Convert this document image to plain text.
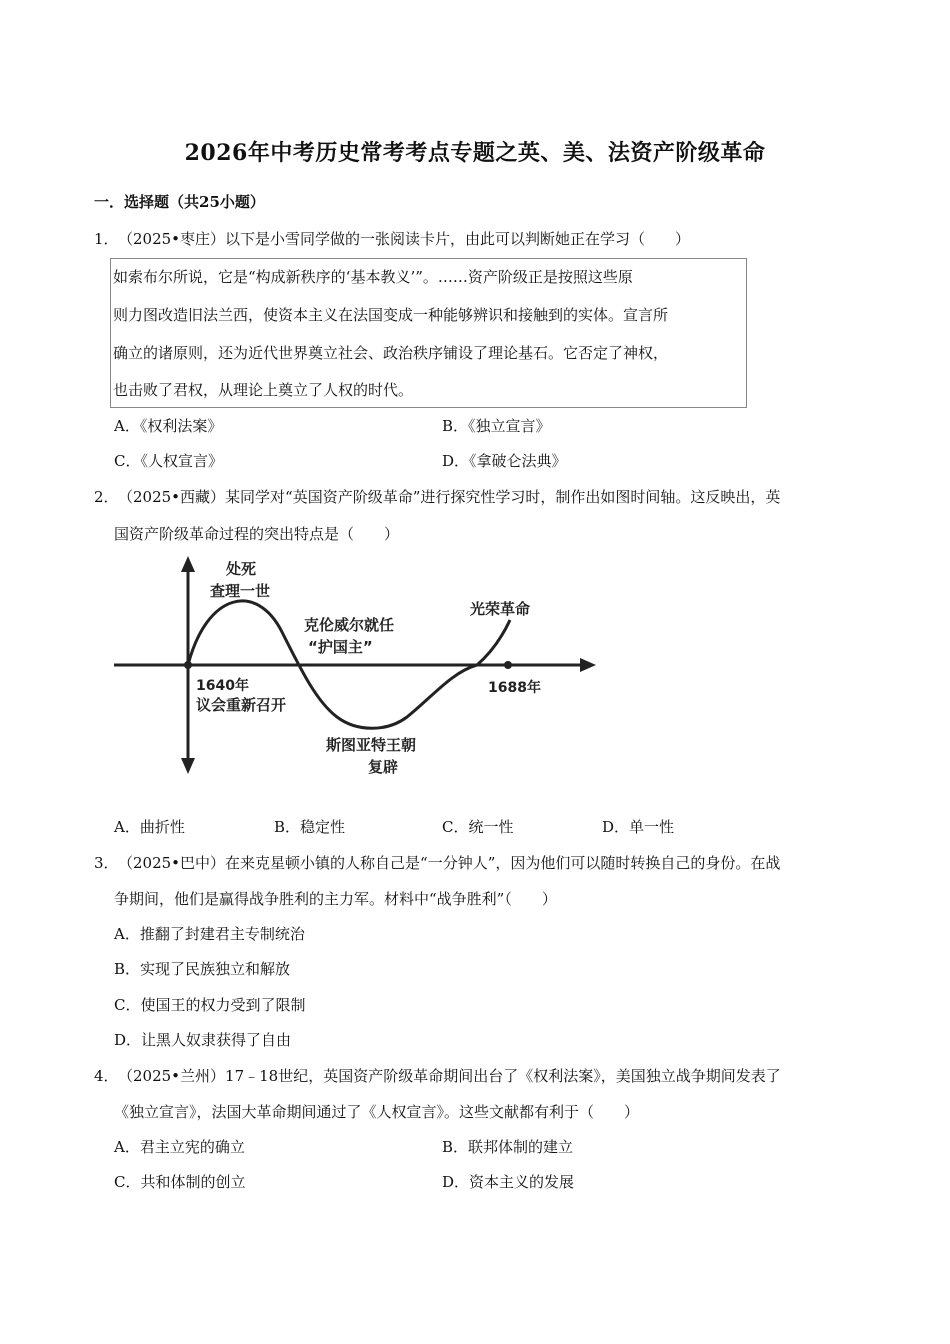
2026年中考历史常考考点专题之英、美、法资产阶级革命
一．选择题（共25小题）
1．（2025•枣庄）以下是小雪同学做的一张阅读卡片，由此可以判断她正在学习（　　）
如索布尔所说，它是“构成新秩序的‘基本教义’”。……资产阶级正是按照这些原
则力图改造旧法兰西，使资本主义在法国变成一种能够辨识和接触到的实体。宣言所
确立的诸原则，还为近代世界奠立社会、政治秩序铺设了理论基石。它否定了神权，
也击败了君权，从理论上奠立了人权的时代。
A．《权利法案》	B．《独立宣言》
C．《人权宣言》	D．《拿破仑法典》
2．（2025•西藏）某同学对“英国资产阶级革命”进行探究性学习时，制作出如图时间轴。这反映出，英
国资产阶级革命过程的突出特点是（　　）
处死
查理一世
克伦威尔就任
“护国主”
光荣革命
1640年
议会重新召开
1688年
斯图亚特王朝
复辟
A．曲折性	B．稳定性	C．统一性	D．单一性
3．（2025•巴中）在来克星顿小镇的人称自己是“一分钟人”，因为他们可以随时转换自己的身份。在战
争期间，他们是赢得战争胜利的主力军。材料中“战争胜利”（　　）
A．推翻了封建君主专制统治
B．实现了民族独立和解放
C．使国王的权力受到了限制
D．让黑人奴隶获得了自由
4．（2025•兰州）17﹣18世纪，英国资产阶级革命期间出台了《权利法案》，美国独立战争期间发表了
《独立宣言》，法国大革命期间通过了《人权宣言》。这些文献都有利于（　　）
A．君主立宪的确立	B．联邦体制的建立
C．共和体制的创立	D．资本主义的发展
